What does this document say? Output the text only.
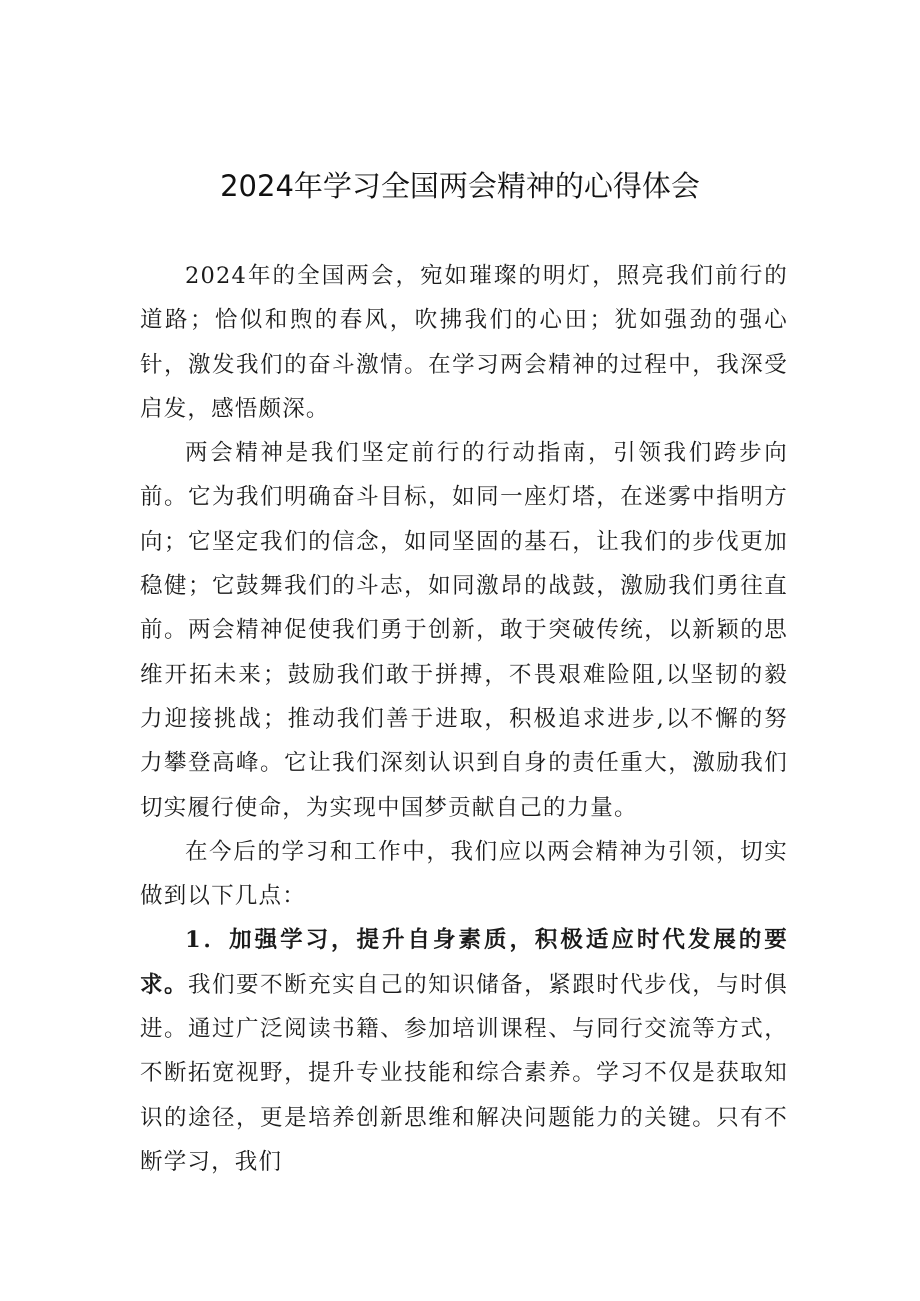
2024年学习全国两会精神的心得体会

2024年的全国两会，宛如璀璨的明灯，照亮我们前行的道路；恰似和煦的春风，吹拂我们的心田；犹如强劲的强心针，激发我们的奋斗激情。在学习两会精神的过程中，我深受启发，感悟颇深。

两会精神是我们坚定前行的行动指南，引领我们跨步向前。它为我们明确奋斗目标，如同一座灯塔，在迷雾中指明方向；它坚定我们的信念，如同坚固的基石，让我们的步伐更加稳健；它鼓舞我们的斗志，如同激昂的战鼓，激励我们勇往直前。两会精神促使我们勇于创新，敢于突破传统，以新颖的思维开拓未来；鼓励我们敢于拼搏，不畏艰难险阻,以坚韧的毅力迎接挑战；推动我们善于进取，积极追求进步,以不懈的努力攀登高峰。它让我们深刻认识到自身的责任重大，激励我们切实履行使命，为实现中国梦贡献自己的力量。

在今后的学习和工作中，我们应以两会精神为引领，切实做到以下几点：

1．加强学习，提升自身素质，积极适应时代发展的要求。我们要不断充实自己的知识储备，紧跟时代步伐，与时俱进。通过广泛阅读书籍、参加培训课程、与同行交流等方式，不断拓宽视野，提升专业技能和综合素养。学习不仅是获取知识的途径，更是培养创新思维和解决问题能力的关键。只有不断学习，我们
